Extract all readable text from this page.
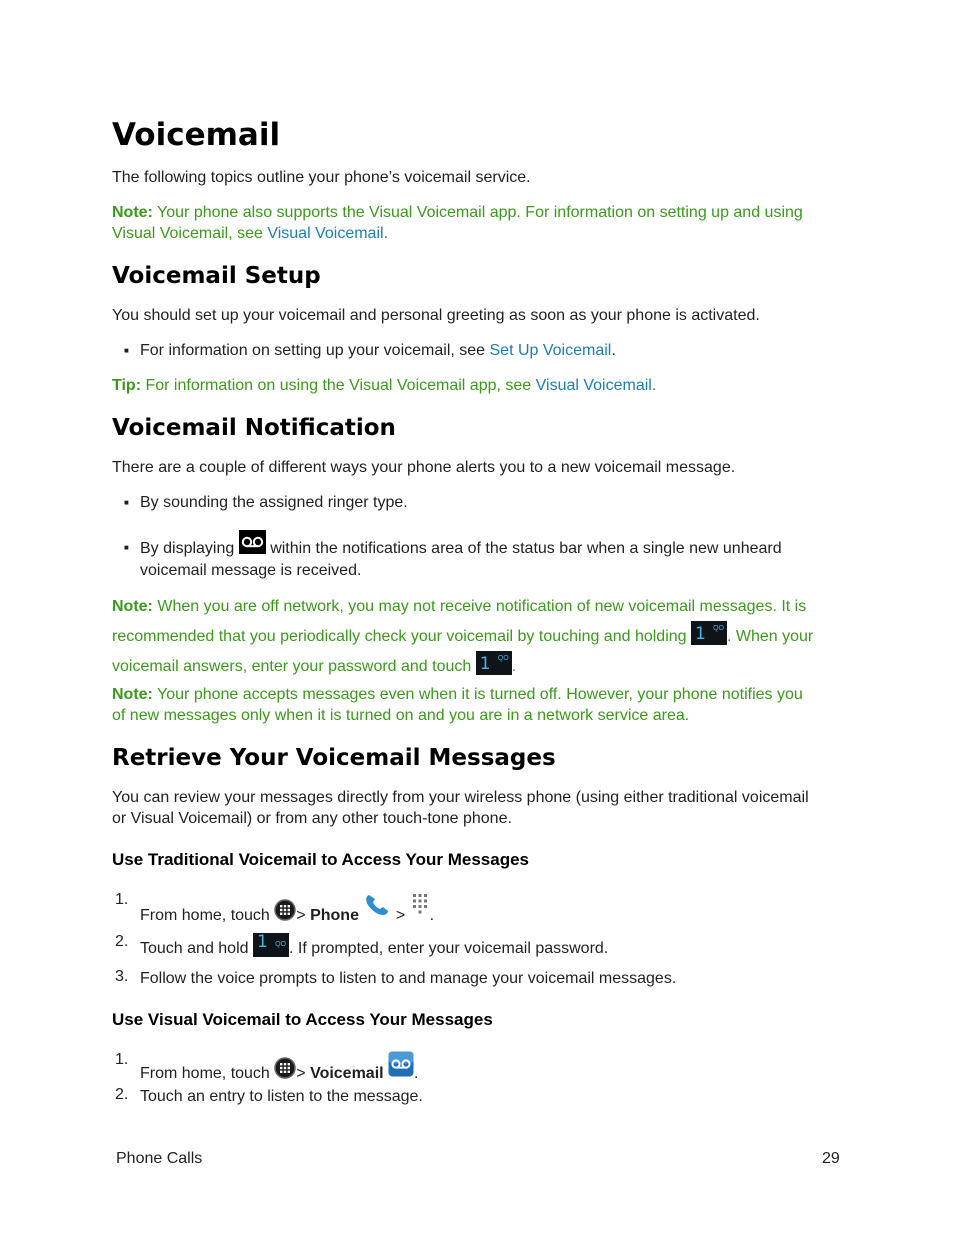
Voicemail

The following topics outline your phone’s voicemail service.

Note: Your phone also supports the Visual Voicemail app. For information on setting up and using Visual Voicemail, see Visual Voicemail.

Voicemail Setup

You should set up your voicemail and personal greeting as soon as your phone is activated.

■ For information on setting up your voicemail, see Set Up Voicemail.

Tip: For information on using the Visual Voicemail app, see Visual Voicemail.

Voicemail Notification

There are a couple of different ways your phone alerts you to a new voicemail message.

■ By sounding the assigned ringer type.

■ By displaying within the notifications area of the status bar when a single new unheard
voicemail message is received.

Note: When you are off network, you may not receive notification of new voicemail messages. It is
recommended that you periodically check your voicemail by touching and holding 1 QO . When your
voicemail answers, enter your password and touch 1 QO .

Note: Your phone accepts messages even when it is turned off. However, your phone notifies you
of new messages only when it is turned on and you are in a network service area.

Retrieve Your Voicemail Messages

You can review your messages directly from your wireless phone (using either traditional voicemail
or Visual Voicemail) or from any other touch-tone phone.

Use Traditional Voicemail to Access Your Messages
1.

From home, touch > Phone > .

2. Touch and hold 1 QO . If prompted, enter your voicemail password.

3. Follow the voice prompts to listen to and manage your voicemail messages.

Use Visual Voicemail to Access Your Messages
1.

From home, touch > Voicemail .

2. Touch an entry to listen to the message.

Phone Calls	29
